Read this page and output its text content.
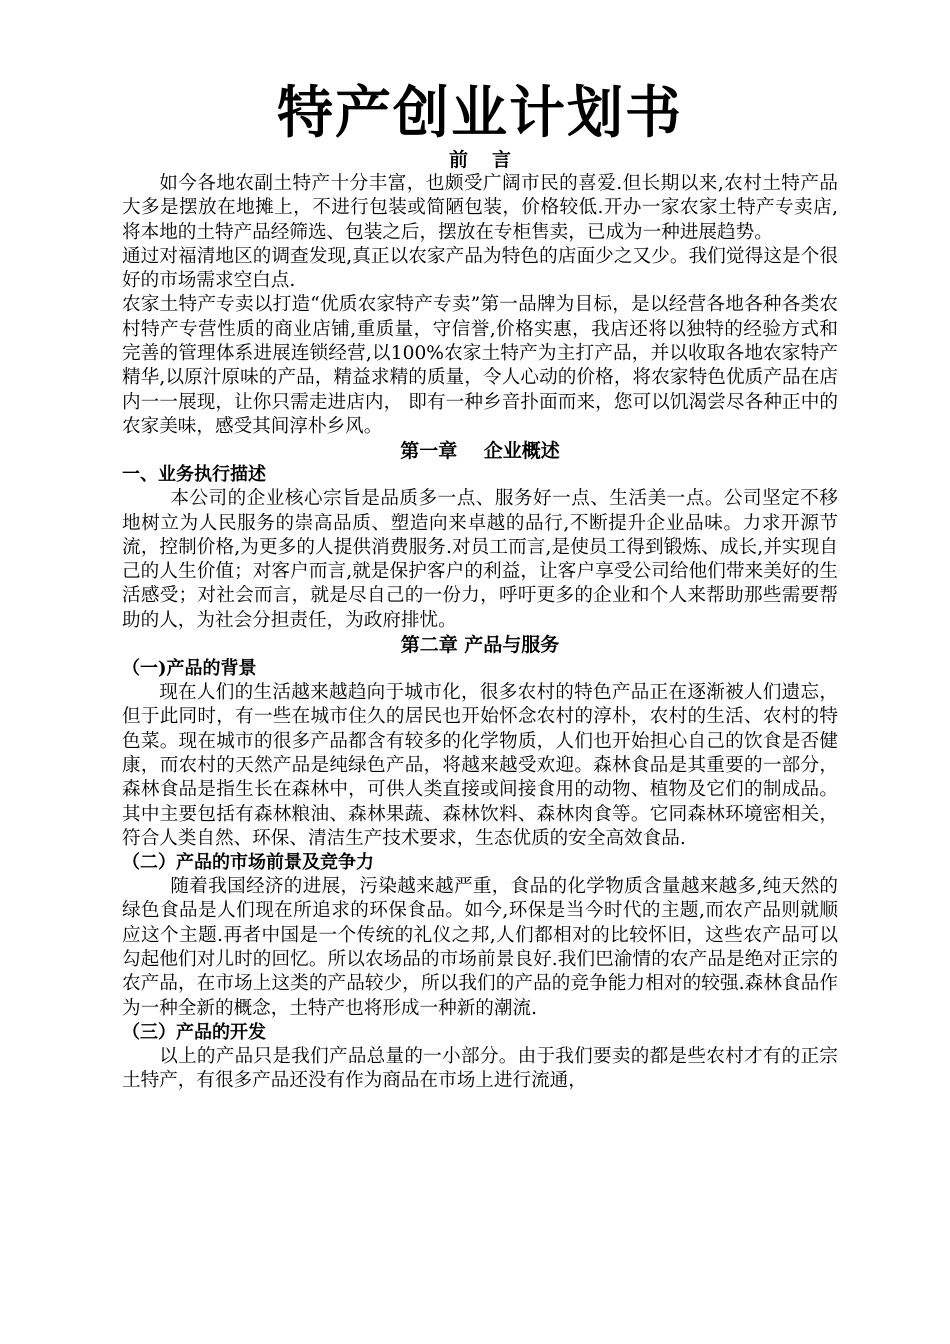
特产创业计划书
前言

如今各地农副土特产十分丰富，也颇受广阔市民的喜爱.但长期以来,农村土特产品大多是摆放在地摊上，不进行包装或简陋包装，价格较低.开办一家农家土特产专卖店,将本地的土特产品经筛选、包装之后，摆放在专柜售卖，已成为一种进展趋势。

通过对福清地区的调查发现,真正以农家产品为特色的店面少之又少。我们觉得这是个很好的市场需求空白点.

农家土特产专卖以打造“优质农家特产专卖”第一品牌为目标，是以经营各地各种各类农村特产专营性质的商业店铺,重质量，守信誉,价格实惠，我店还将以独特的经验方式和完善的管理体系进展连锁经营,以100%农家土特产为主打产品，并以收取各地农家特产精华,以原汁原味的产品，精益求精的质量，令人心动的价格，将农家特色优质产品在店内一一展现，让你只需走进店内， 即有一种乡音扑面而来，您可以饥渴尝尽各种正中的农家美味，感受其间淳朴乡风。

第一章    企业概述
一、业务执行描述

本公司的企业核心宗旨是品质多一点、服务好一点、生活美一点。公司坚定不移地树立为人民服务的崇高品质、塑造向来卓越的品行,不断提升企业品味。力求开源节流，控制价格,为更多的人提供消费服务.对员工而言,是使员工得到锻炼、成长,并实现自己的人生价值；对客户而言,就是保护客户的利益，让客户享受公司给他们带来美好的生活感受；对社会而言，就是尽自己的一份力，呼吁更多的企业和个人来帮助那些需要帮助的人，为社会分担责任，为政府排忧。

第二章 产品与服务
（一)产品的背景

现在人们的生活越来越趋向于城市化，很多农村的特色产品正在逐渐被人们遗忘，但于此同时，有一些在城市住久的居民也开始怀念农村的淳朴，农村的生活、农村的特色菜。现在城市的很多产品都含有较多的化学物质，人们也开始担心自己的饮食是否健康，而农村的天然产品是纯绿色产品，将越来越受欢迎。森林食品是其重要的一部分，森林食品是指生长在森林中，可供人类直接或间接食用的动物、植物及它们的制成品。其中主要包括有森林粮油、森林果蔬、森林饮料、森林肉食等。它同森林环境密相关，符合人类自然、环保、清洁生产技术要求，生态优质的安全高效食品.

（二）产品的市场前景及竞争力

随着我国经济的进展，污染越来越严重，食品的化学物质含量越来越多,纯天然的绿色食品是人们现在所追求的环保食品。如今,环保是当今时代的主题,而农产品则就顺应这个主题.再者中国是一个传统的礼仪之邦,人们都相对的比较怀旧，这些农产品可以勾起他们对儿时的回忆。所以农场品的市场前景良好.我们巴渝情的农产品是绝对正宗的农产品，在市场上这类的产品较少，所以我们的产品的竞争能力相对的较强.森林食品作为一种全新的概念，土特产也将形成一种新的潮流.

（三）产品的开发

以上的产品只是我们产品总量的一小部分。由于我们要卖的都是些农村才有的正宗土特产，有很多产品还没有作为商品在市场上进行流通，
